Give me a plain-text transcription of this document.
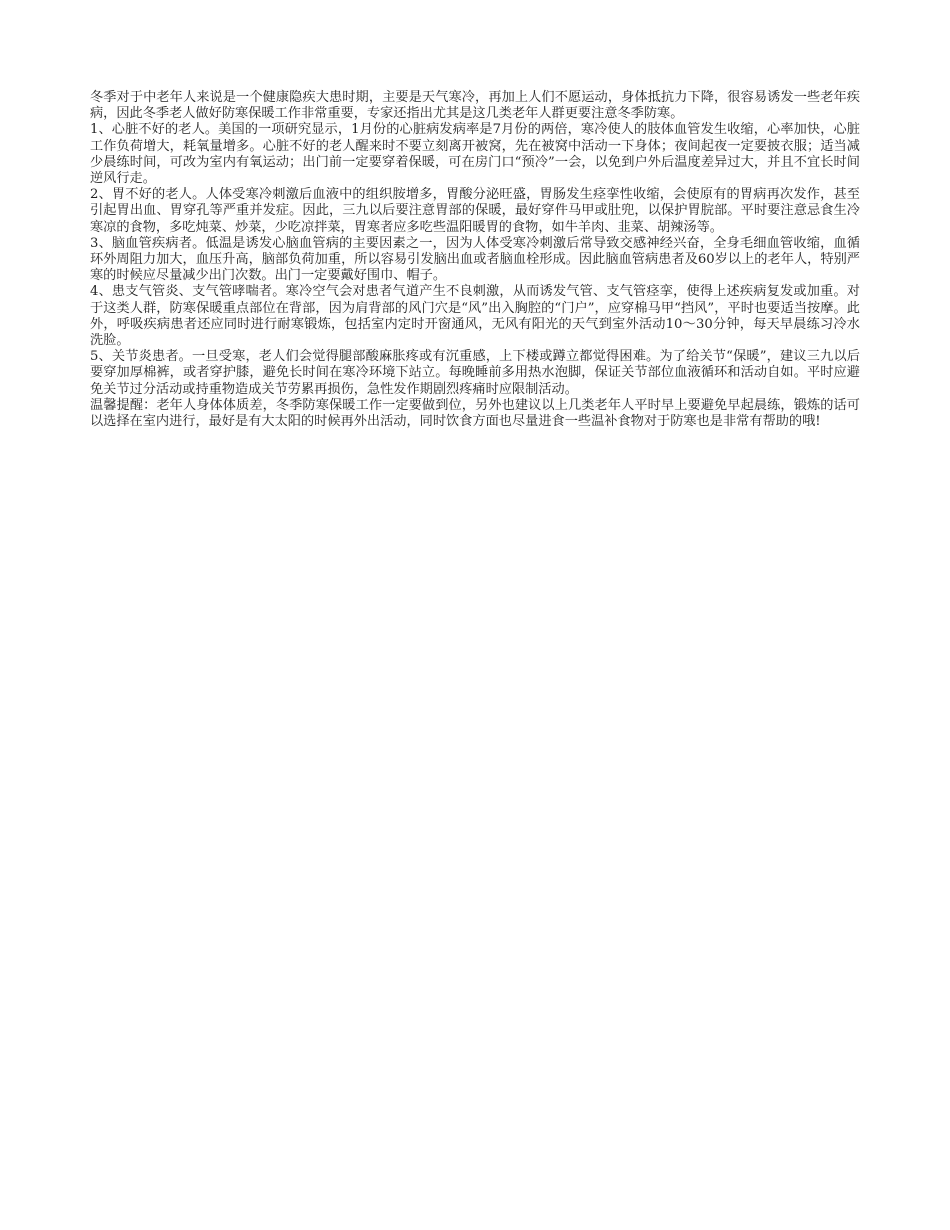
冬季对于中老年人来说是一个健康隐疾大患时期，主要是天气寒冷，再加上人们不愿运动，身体抵抗力下降，很容易诱发一些老年疾病，因此冬季老人做好防寒保暖工作非常重要，专家还指出尤其是这几类老年人群更要注意冬季防寒。

1、心脏不好的老人。美国的一项研究显示，1月份的心脏病发病率是7月份的两倍，寒冷使人的肢体血管发生收缩，心率加快，心脏工作负荷增大，耗氧量增多。心脏不好的老人醒来时不要立刻离开被窝，先在被窝中活动一下身体；夜间起夜一定要披衣服；适当减少晨练时间，可改为室内有氧运动；出门前一定要穿着保暖，可在房门口“预冷”一会，以免到户外后温度差异过大，并且不宜长时间逆风行走。

2、胃不好的老人。人体受寒冷刺激后血液中的组织胺增多，胃酸分泌旺盛，胃肠发生痉挛性收缩，会使原有的胃病再次发作，甚至引起胃出血、胃穿孔等严重并发症。因此，三九以后要注意胃部的保暖，最好穿件马甲或肚兜，以保护胃脘部。平时要注意忌食生冷寒凉的食物，多吃炖菜、炒菜，少吃凉拌菜，胃寒者应多吃些温阳暖胃的食物，如牛羊肉、韭菜、胡辣汤等。

3、脑血管疾病者。低温是诱发心脑血管病的主要因素之一，因为人体受寒冷刺激后常导致交感神经兴奋，全身毛细血管收缩，血循环外周阻力加大，血压升高，脑部负荷加重，所以容易引发脑出血或者脑血栓形成。因此脑血管病患者及60岁以上的老年人，特别严寒的时候应尽量减少出门次数。出门一定要戴好围巾、帽子。

4、患支气管炎、支气管哮喘者。寒冷空气会对患者气道产生不良刺激，从而诱发气管、支气管痉挛，使得上述疾病复发或加重。对于这类人群，防寒保暖重点部位在背部，因为肩背部的风门穴是“风”出入胸腔的“门户”，应穿棉马甲“挡风”，平时也要适当按摩。此外，呼吸疾病患者还应同时进行耐寒锻炼，包括室内定时开窗通风，无风有阳光的天气到室外活动10～30分钟，每天早晨练习冷水洗脸。

5、关节炎患者。一旦受寒，老人们会觉得腿部酸麻胀疼或有沉重感，上下楼或蹲立都觉得困难。为了给关节“保暖”，建议三九以后要穿加厚棉裤，或者穿护膝，避免长时间在寒冷环境下站立。每晚睡前多用热水泡脚，保证关节部位血液循环和活动自如。平时应避免关节过分活动或持重物造成关节劳累再损伤，急性发作期剧烈疼痛时应限制活动。

温馨提醒：老年人身体体质差，冬季防寒保暖工作一定要做到位，另外也建议以上几类老年人平时早上要避免早起晨练，锻炼的话可以选择在室内进行，最好是有大太阳的时候再外出活动，同时饮食方面也尽量进食一些温补食物对于防寒也是非常有帮助的哦!
